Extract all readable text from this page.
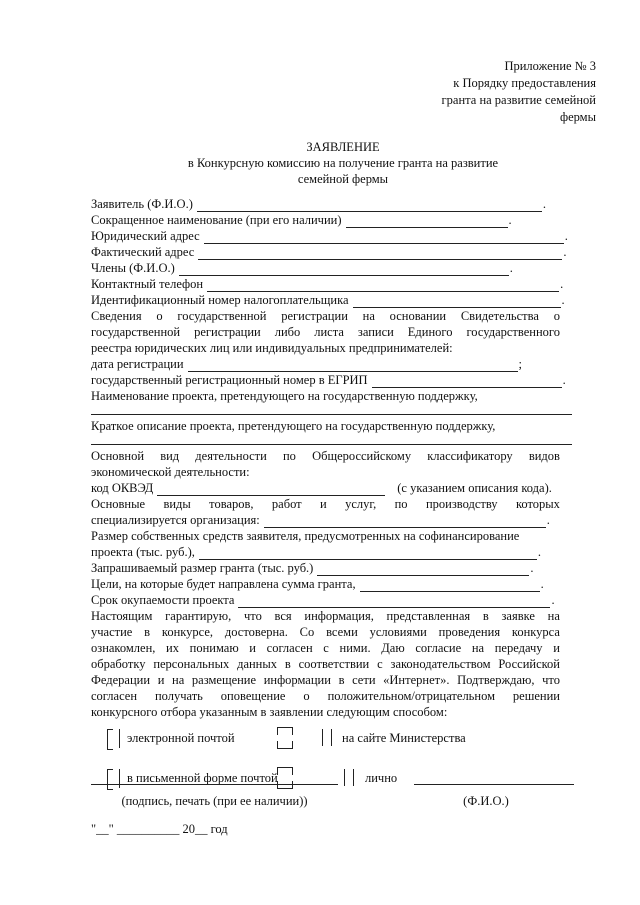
Приложение № 3
к Порядку предоставления
гранта на развитие семейной
фермы
ЗАЯВЛЕНИЕ
в Конкурсную комиссию на получение гранта на развитие
семейной фермы
Заявитель (Ф.И.О.)	.
Сокращенное наименование (при его наличии)	.
Юридический адрес	.
Фактический адрес	.
Члены (Ф.И.О.)	.
Контактный телефон	.
Идентификационный номер налогоплательщика	.
Сведения о государственной регистрации на основании Свидетельства о
государственной регистрации либо листа записи Единого государственного
реестра юридических лиц или индивидуальных предпринимателей:
дата регистрации	;
государственный регистрационный номер в ЕГРИП	.
Наименование проекта, претендующего на государственную поддержку,
Краткое описание проекта, претендующего на государственную поддержку,
Основной вид деятельности по Общероссийскому классификатору видов
экономической деятельности:
код ОКВЭД	(с указанием описания кода).
Основные виды товаров, работ и услуг, по производству которых
специализируется организация:	.
Размер собственных средств заявителя, предусмотренных на софинансирование
проекта (тыс. руб.),	.
Запрашиваемый размер гранта (тыс. руб.)	.
Цели, на которые будет направлена сумма гранта,	.
Срок окупаемости проекта	.
Настоящим гарантирую, что вся информация, представленная в заявке на
участие в конкурсе, достоверна. Со всеми условиями проведения конкурса
ознакомлен, их понимаю и согласен с ними. Даю согласие на передачу и
обработку персональных данных в соответствии с законодательством Российской
Федерации и на размещение информации в сети «Интернет». Подтверждаю, что
согласен получать оповещение о положительном/отрицательном решении
конкурсного отбора указанным в заявлении следующим способом:
электронной почтой	на сайте Министерства
в письменной форме почтой	лично
(подпись, печать (при ее наличии))	(Ф.И.О.)
"__" __________ 20__ год
